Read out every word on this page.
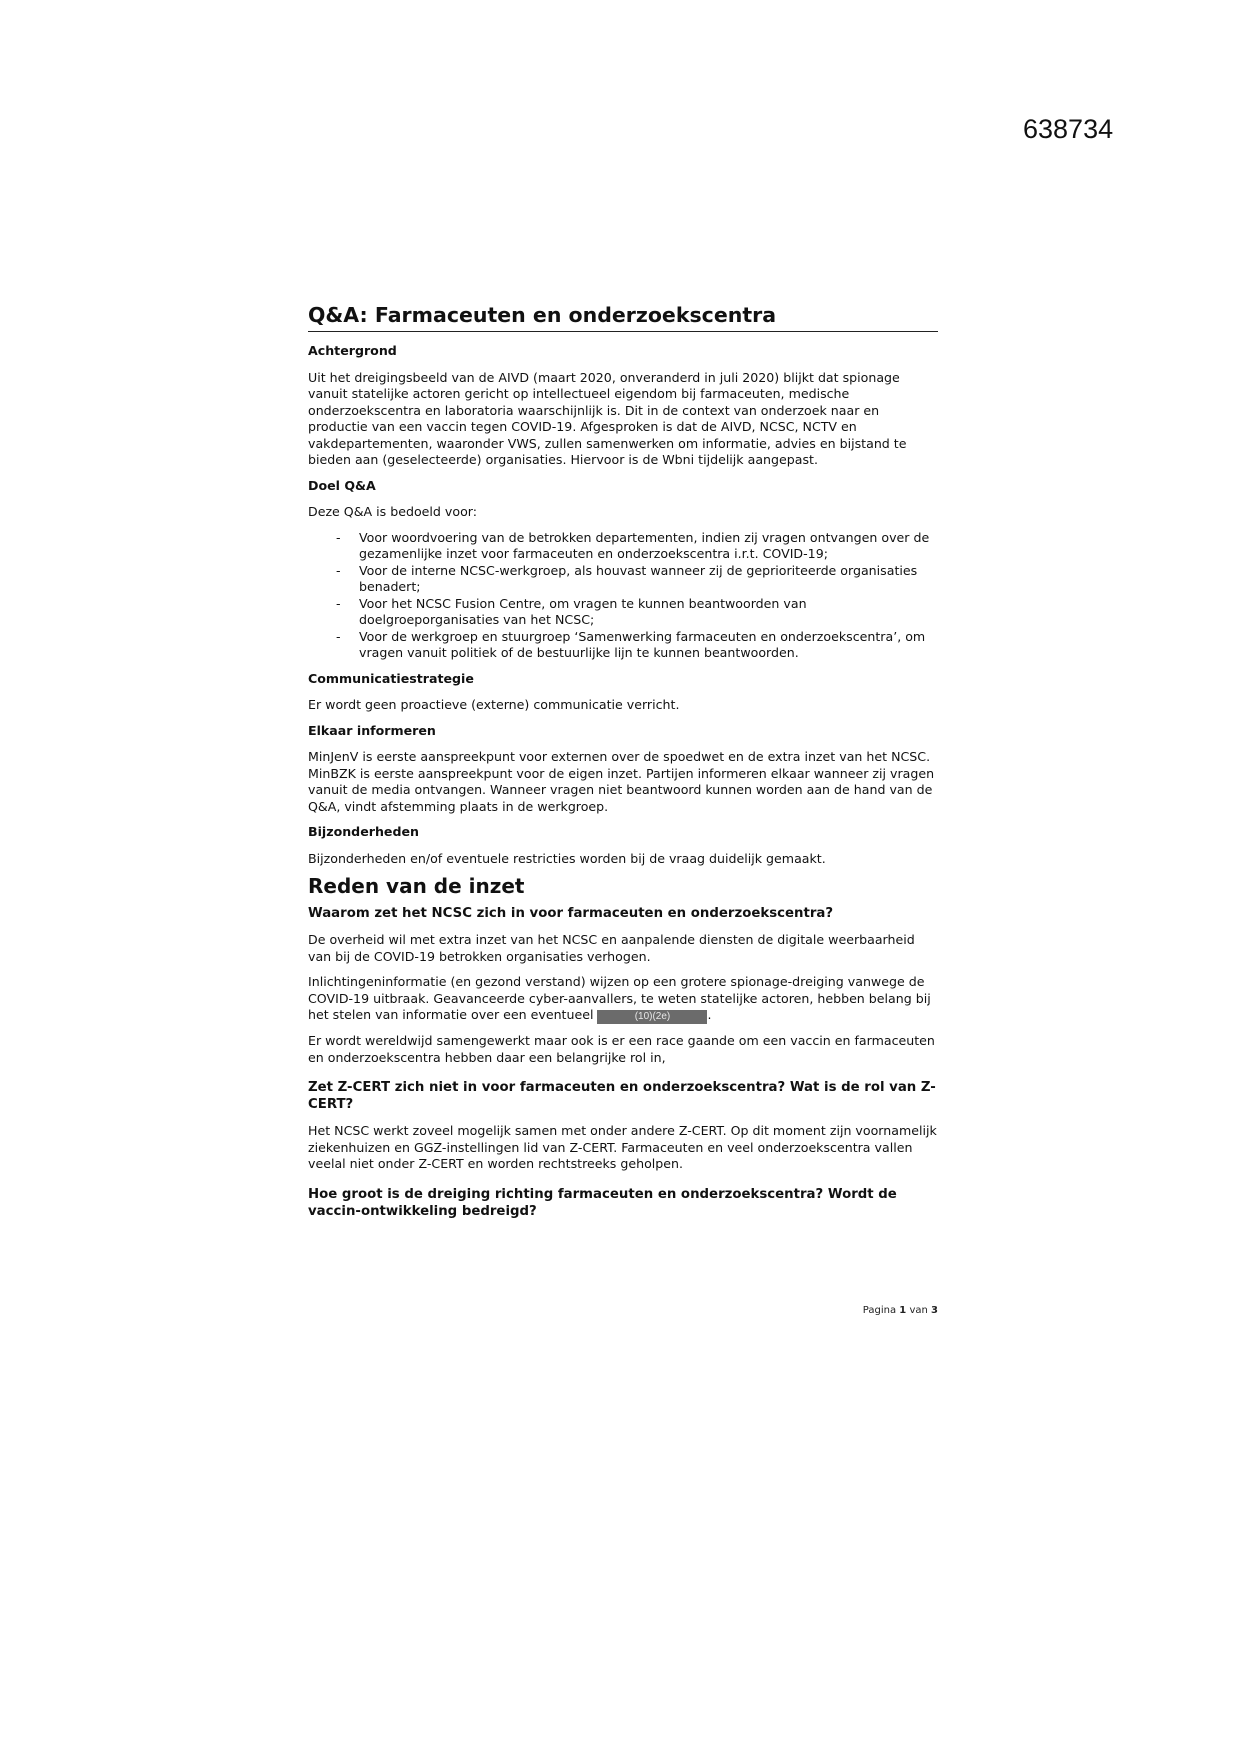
638734
Q&A: Farmaceuten en onderzoekscentra
Achtergrond

Uit het dreigingsbeeld van de AIVD (maart 2020, onveranderd in juli 2020) blijkt dat spionage vanuit statelijke actoren gericht op intellectueel eigendom bij farmaceuten, medische onderzoekscentra en laboratoria waarschijnlijk is. Dit in de context van onderzoek naar en productie van een vaccin tegen COVID-19. Afgesproken is dat de AIVD, NCSC, NCTV en vakdepartementen, waaronder VWS, zullen samenwerken om informatie, advies en bijstand te bieden aan (geselecteerde) organisaties. Hiervoor is de Wbni tijdelijk aangepast.

Doel Q&A

Deze Q&A is bedoeld voor:

- Voor woordvoering van de betrokken departementen, indien zij vragen ontvangen over de gezamenlijke inzet voor farmaceuten en onderzoekscentra i.r.t. COVID-19;
- Voor de interne NCSC-werkgroep, als houvast wanneer zij de geprioriteerde organisaties benadert;
- Voor het NCSC Fusion Centre, om vragen te kunnen beantwoorden van doelgroeporganisaties van het NCSC;
- Voor de werkgroep en stuurgroep ‘Samenwerking farmaceuten en onderzoekscentra’, om vragen vanuit politiek of de bestuurlijke lijn te kunnen beantwoorden.
Communicatiestrategie

Er wordt geen proactieve (externe) communicatie verricht.

Elkaar informeren

MinJenV is eerste aanspreekpunt voor externen over de spoedwet en de extra inzet van het NCSC. MinBZK is eerste aanspreekpunt voor de eigen inzet. Partijen informeren elkaar wanneer zij vragen vanuit de media ontvangen. Wanneer vragen niet beantwoord kunnen worden aan de hand van de Q&A, vindt afstemming plaats in de werkgroep.

Bijzonderheden

Bijzonderheden en/of eventuele restricties worden bij de vraag duidelijk gemaakt.

Reden van de inzet
Waarom zet het NCSC zich in voor farmaceuten en onderzoekscentra?

De overheid wil met extra inzet van het NCSC en aanpalende diensten de digitale weerbaarheid van bij de COVID-19 betrokken organisaties verhogen.

Inlichtingeninformatie (en gezond verstand) wijzen op een grotere spionage-dreiging vanwege de COVID-19 uitbraak. Geavanceerde cyber-aanvallers, te weten statelijke actoren, hebben belang bij het stelen van informatie over een eventueel	(10)(2e)	.

Er wordt wereldwijd samengewerkt maar ook is er een race gaande om een vaccin en farmaceuten en onderzoekscentra hebben daar een belangrijke rol in,

Zet Z-CERT zich niet in voor farmaceuten en onderzoekscentra? Wat is de rol van Z-CERT?

Het NCSC werkt zoveel mogelijk samen met onder andere Z-CERT. Op dit moment zijn voornamelijk ziekenhuizen en GGZ-instellingen lid van Z-CERT. Farmaceuten en veel onderzoekscentra vallen veelal niet onder Z-CERT en worden rechtstreeks geholpen.

Hoe groot is de dreiging richting farmaceuten en onderzoekscentra? Wordt de vaccin-ontwikkeling bedreigd?
Pagina 1 van 3
